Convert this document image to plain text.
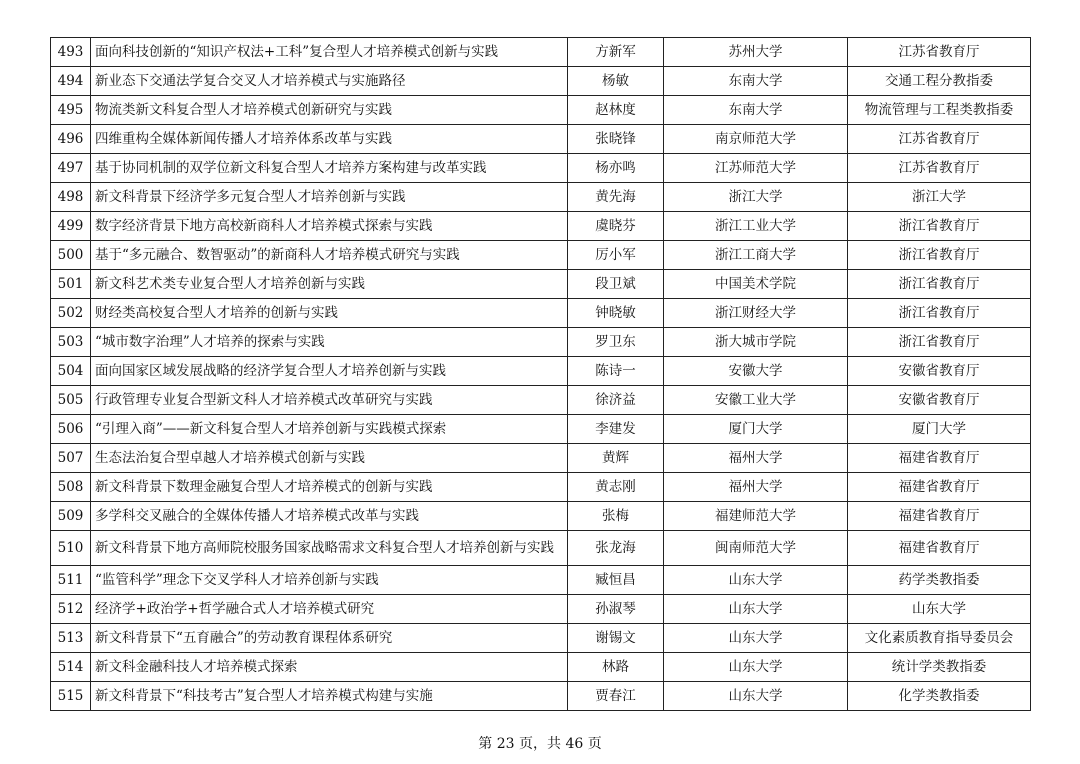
493	面向科技创新的“知识产权法+工科”复合型人才培养模式创新与实践	方新军	苏州大学	江苏省教育厅
494	新业态下交通法学复合交叉人才培养模式与实施路径	杨敏	东南大学	交通工程分教指委
495	物流类新文科复合型人才培养模式创新研究与实践	赵林度	东南大学	物流管理与工程类教指委
496	四维重构全媒体新闻传播人才培养体系改革与实践	张晓锋	南京师范大学	江苏省教育厅
497	基于协同机制的双学位新文科复合型人才培养方案构建与改革实践	杨亦鸣	江苏师范大学	江苏省教育厅
498	新文科背景下经济学多元复合型人才培养创新与实践	黄先海	浙江大学	浙江大学
499	数字经济背景下地方高校新商科人才培养模式探索与实践	虞晓芬	浙江工业大学	浙江省教育厅
500	基于“多元融合、数智驱动”的新商科人才培养模式研究与实践	厉小军	浙江工商大学	浙江省教育厅
501	新文科艺术类专业复合型人才培养创新与实践	段卫斌	中国美术学院	浙江省教育厅
502	财经类高校复合型人才培养的创新与实践	钟晓敏	浙江财经大学	浙江省教育厅
503	“城市数字治理”人才培养的探索与实践	罗卫东	浙大城市学院	浙江省教育厅
504	面向国家区域发展战略的经济学复合型人才培养创新与实践	陈诗一	安徽大学	安徽省教育厅
505	行政管理专业复合型新文科人才培养模式改革研究与实践	徐济益	安徽工业大学	安徽省教育厅
506	“引理入商”——新文科复合型人才培养创新与实践模式探索	李建发	厦门大学	厦门大学
507	生态法治复合型卓越人才培养模式创新与实践	黄辉	福州大学	福建省教育厅
508	新文科背景下数理金融复合型人才培养模式的创新与实践	黄志刚	福州大学	福建省教育厅
509	多学科交叉融合的全媒体传播人才培养模式改革与实践	张梅	福建师范大学	福建省教育厅
510	新文科背景下地方高师院校服务国家战略需求文科复合型人才培养创新与实践	张龙海	闽南师范大学	福建省教育厅
511	“监管科学”理念下交叉学科人才培养创新与实践	臧恒昌	山东大学	药学类教指委
512	经济学+政治学+哲学融合式人才培养模式研究	孙淑琴	山东大学	山东大学
513	新文科背景下“五育融合”的劳动教育课程体系研究	谢锡文	山东大学	文化素质教育指导委员会
514	新文科金融科技人才培养模式探索	林路	山东大学	统计学类教指委
515	新文科背景下“科技考古”复合型人才培养模式构建与实施	贾春江	山东大学	化学类教指委
第 23 页，共 46 页
